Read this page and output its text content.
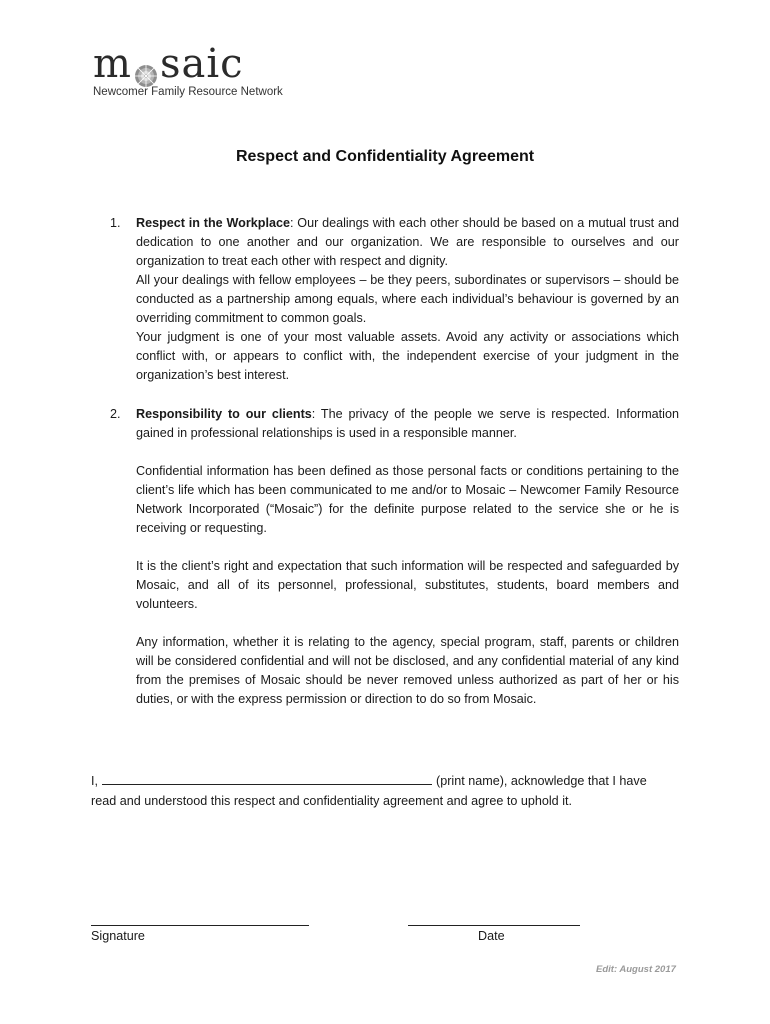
m saic
Newcomer Family Resource Network
Respect and Confidentiality Agreement
1. Respect in the Workplace: Our dealings with each other should be based on a mutual trust and dedication to one another and our organization. We are responsible to ourselves and our organization to treat each other with respect and dignity.

All your dealings with fellow employees – be they peers, subordinates or supervisors – should be conducted as a partnership among equals, where each individual’s behaviour is governed by an overriding commitment to common goals.

Your judgment is one of your most valuable assets. Avoid any activity or associations which conflict with, or appears to conflict with, the independent exercise of your judgment in the organization’s best interest.

2. Responsibility to our clients: The privacy of the people we serve is respected. Information gained in professional relationships is used in a responsible manner.

Confidential information has been defined as those personal facts or conditions pertaining to the client’s life which has been communicated to me and/or to Mosaic – Newcomer Family Resource Network Incorporated (“Mosaic”) for the definite purpose related to the service she or he is receiving or requesting.

It is the client’s right and expectation that such information will be respected and safeguarded by Mosaic, and all of its personnel, professional, substitutes, students, board members and volunteers.

Any information, whether it is relating to the agency, special program, staff, parents or children will be considered confidential and will not be disclosed, and any confidential material of any kind from the premises of Mosaic should be never removed unless authorized as part of her or his duties, or with the express permission or direction to do so from Mosaic.

I,	(print name), acknowledge that I have
read and understood this respect and confidentiality agreement and agree to uphold it.
Signature	Date
Edit: August 2017
